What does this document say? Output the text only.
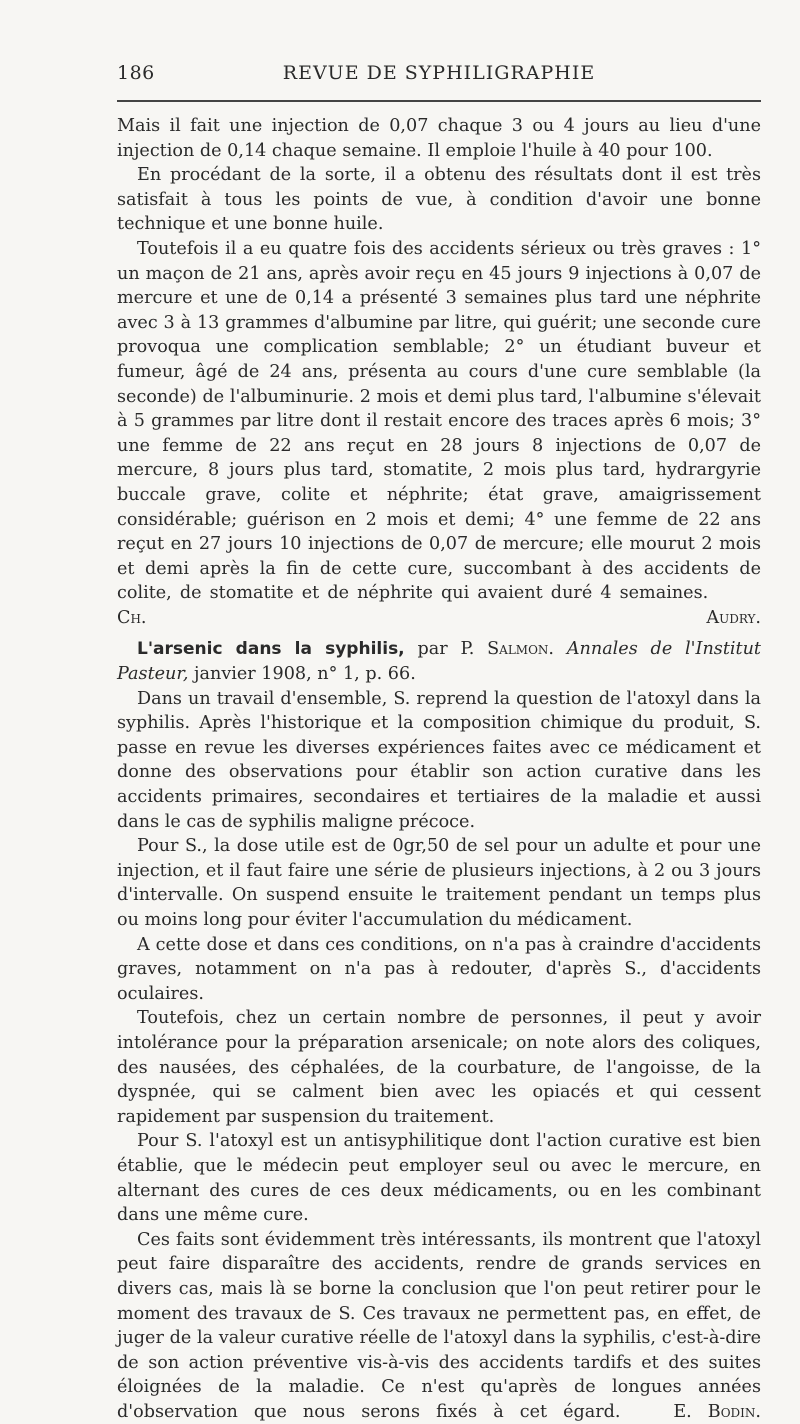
186	REVUE DE SYPHILIGRAPHIE

Mais il fait une injection de 0,07 chaque 3 ou 4 jours au lieu d'une injection de 0,14 chaque semaine. Il emploie l'huile à 40 pour 100.

En procédant de la sorte, il a obtenu des résultats dont il est très satisfait à tous les points de vue, à condition d'avoir une bonne technique et une bonne huile.

Toutefois il a eu quatre fois des accidents sérieux ou très graves : 1° un maçon de 21 ans, après avoir reçu en 45 jours 9 injections à 0,07 de mercure et une de 0,14 a présenté 3 semaines plus tard une néphrite avec 3 à 13 grammes d'albumine par litre, qui guérit; une seconde cure provoqua une complication semblable; 2° un étudiant buveur et fumeur, âgé de 24 ans, présenta au cours d'une cure semblable (la seconde) de l'albuminurie. 2 mois et demi plus tard, l'albumine s'élevait à 5 grammes par litre dont il restait encore des traces après 6 mois; 3° une femme de 22 ans reçut en 28 jours 8 injections de 0,07 de mercure, 8 jours plus tard, stomatite, 2 mois plus tard, hydrargyrie buccale grave, colite et néphrite; état grave, amaigrissement considérable; guérison en 2 mois et demi; 4° une femme de 22 ans reçut en 27 jours 10 injections de 0,07 de mercure; elle mourut 2 mois et demi après la fin de cette cure, succombant à des accidents de colite, de stomatite et de néphrite qui avaient duré 4 semaines.   Ch. Audry.

L'arsenic dans la syphilis, par P. Salmon. Annales de l'Institut Pasteur, janvier 1908, n° 1, p. 66.

Dans un travail d'ensemble, S. reprend la question de l'atoxyl dans la syphilis. Après l'historique et la composition chimique du produit, S. passe en revue les diverses expériences faites avec ce médicament et donne des observations pour établir son action curative dans les accidents primaires, secondaires et tertiaires de la maladie et aussi dans le cas de syphilis maligne précoce.

Pour S., la dose utile est de 0gr,50 de sel pour un adulte et pour une injection, et il faut faire une série de plusieurs injections, à 2 ou 3 jours d'intervalle. On suspend ensuite le traitement pendant un temps plus ou moins long pour éviter l'accumulation du médicament.

A cette dose et dans ces conditions, on n'a pas à craindre d'accidents graves, notamment on n'a pas à redouter, d'après S., d'accidents oculaires.

Toutefois, chez un certain nombre de personnes, il peut y avoir intolérance pour la préparation arsenicale; on note alors des coliques, des nausées, des céphalées, de la courbature, de l'angoisse, de la dyspnée, qui se calment bien avec les opiacés et qui cessent rapidement par suspension du traitement.

Pour S. l'atoxyl est un antisyphilitique dont l'action curative est bien établie, que le médecin peut employer seul ou avec le mercure, en alternant des cures de ces deux médicaments, ou en les combinant dans une même cure.

Ces faits sont évidemment très intéressants, ils montrent que l'atoxyl peut faire disparaître des accidents, rendre de grands services en divers cas, mais là se borne la conclusion que l'on peut retirer pour le moment des travaux de S. Ces travaux ne permettent pas, en effet, de juger de la valeur curative réelle de l'atoxyl dans la syphilis, c'est-à-dire de son action préventive vis-à-vis des accidents tardifs et des suites éloignées de la maladie. Ce n'est qu'après de longues années d'observation que nous serons fixés à cet égard.   	E. Bodin.
